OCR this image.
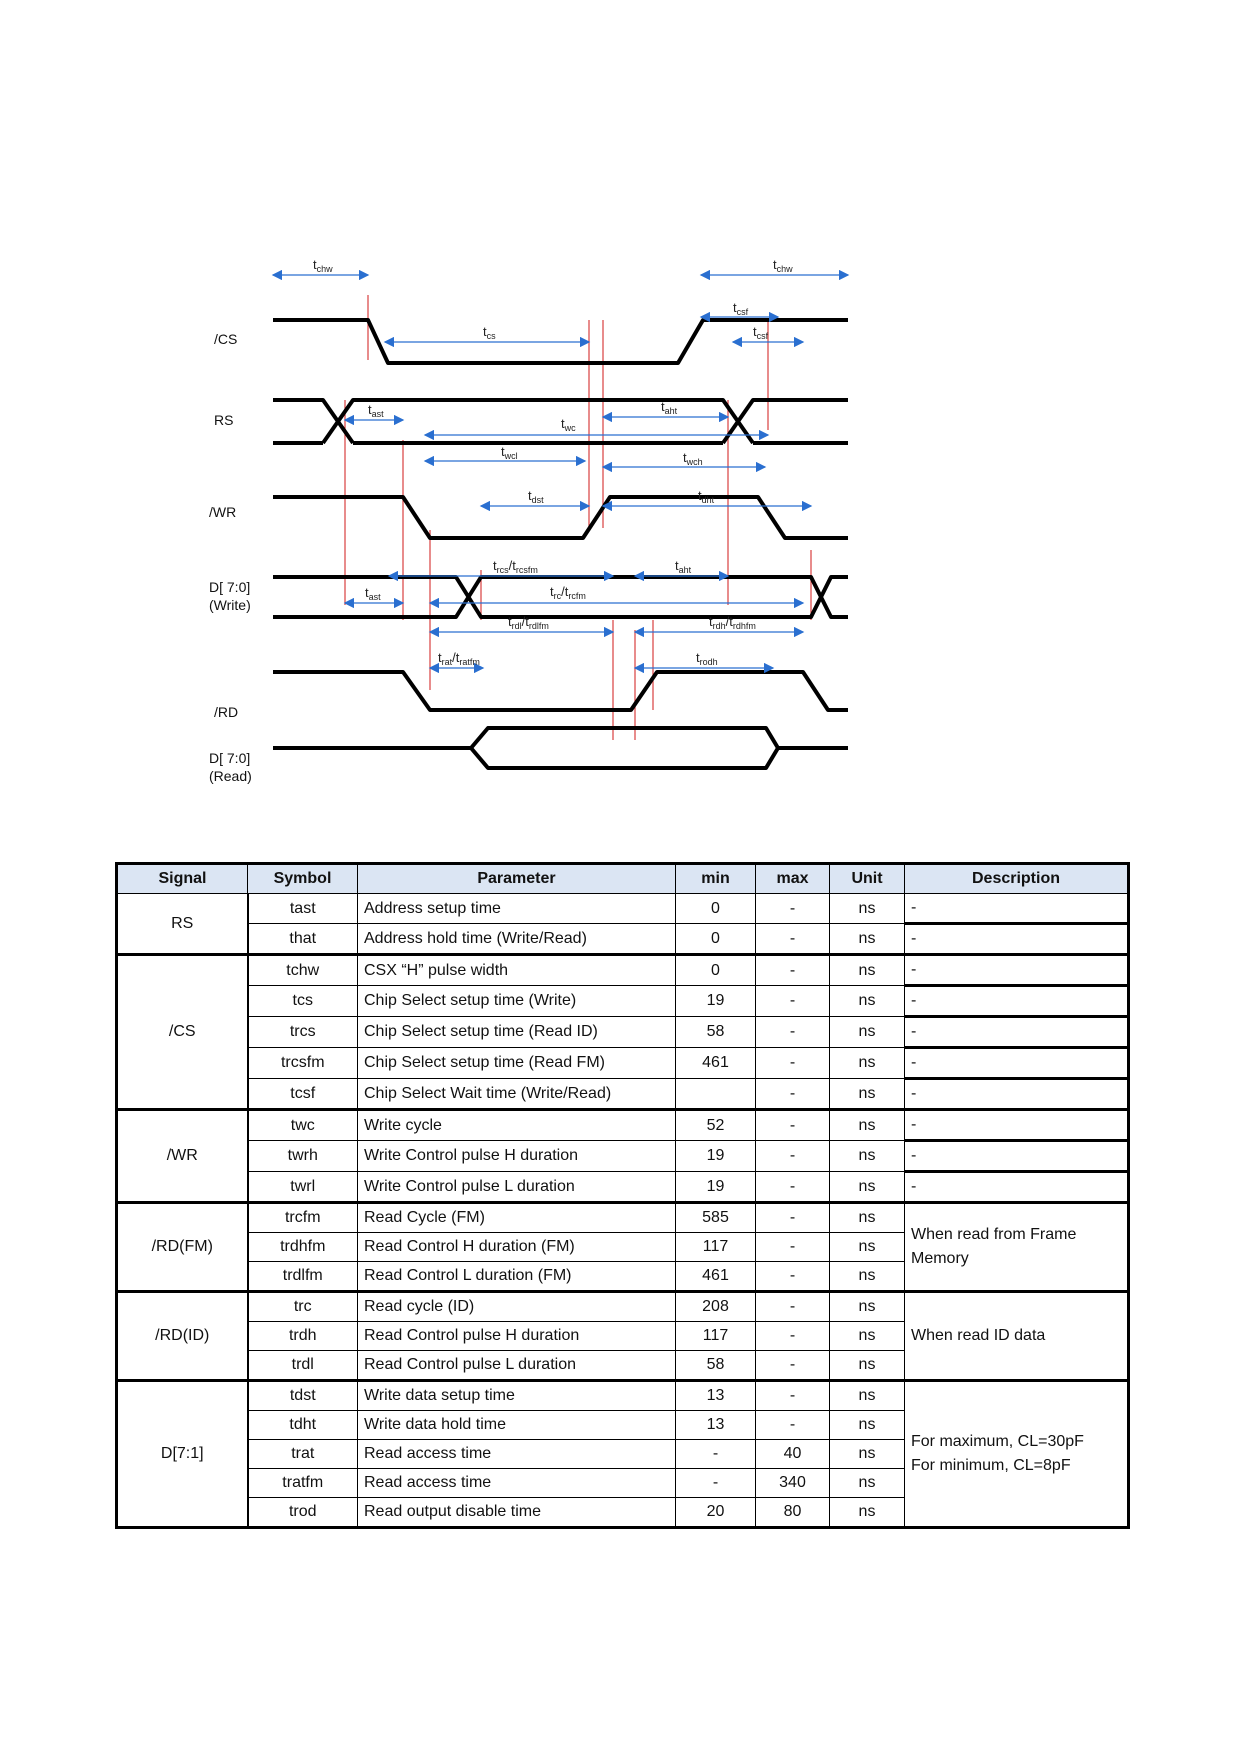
/CS
RS
/WR
D[ 7:0]
(Write)
/RD
D[ 7:0]
(Read)
$t_{chw}$	$t_{chw}$
$t_{cs}$
$t_{csf}$
$t_{csf}$
$t_{ast}$	$t_{aht}$
$t_{wc}$
$t_{wcl}$	$t_{wch}$
$t_{dst}$	$t_{dht}$
$t_{rcs}/t_{rcsfm}$	$t_{aht}$
$t_{ast}$	$t_{rc}/t_{rcfm}$
$t_{rdl}/t_{rdlfm}$	$t_{rdh}/t_{rdhfm}$
$t_{rat}/t_{ratfm}$	$t_{rodh}$
Signal	Symbol	Parameter	min	max	Unit	Description
RS	tast	Address setup time	0	-	ns	-
	that	Address hold time (Write/Read)	0	-	ns	-
/CS	tchw	CSX “H” pulse width	0	-	ns	-
	tcs	Chip Select setup time (Write)	19	-	ns	-
	trcs	Chip Select setup time (Read ID)	58	-	ns	-
	trcsfm	Chip Select setup time (Read FM)	461	-	ns	-
	tcsf	Chip Select Wait time (Write/Read)		-	ns	-
/WR	twc	Write cycle	52	-	ns	-
	twrh	Write Control pulse H duration	19	-	ns	-
	twrl	Write Control pulse L duration	19	-	ns	-
/RD(FM)	trcfm	Read Cycle (FM)	585	-	ns	When read from Frame Memory
	trdhfm	Read Control H duration (FM)	117	-	ns	
	trdlfm	Read Control L duration (FM)	461	-	ns	
/RD(ID)	trc	Read cycle (ID)	208	-	ns	When read ID data
	trdh	Read Control pulse H duration	117	-	ns	
	trdl	Read Control pulse L duration	58	-	ns	
D[7:1]	tdst	Write data setup time	13	-	ns	For maximum, CL=30pF
For minimum, CL=8pF
	tdht	Write data hold time	13	-	ns	
	trat	Read access time	-	40	ns	
	tratfm	Read access time	-	340	ns	
	trod	Read output disable time	20	80	ns	
